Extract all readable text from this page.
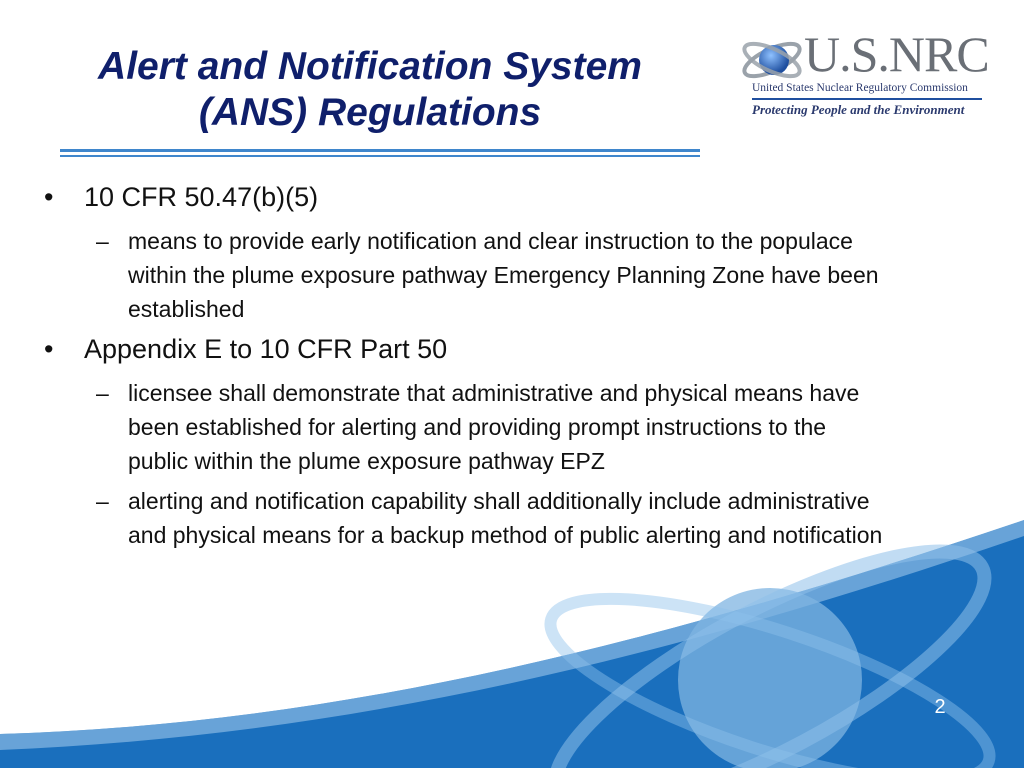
Alert and Notification System (ANS) Regulations
U.S.NRC
United States Nuclear Regulatory Commission
Protecting People and the Environment
• 10 CFR 50.47(b)(5)
– means to provide early notification and clear instruction to the populace within the plume exposure pathway Emergency Planning Zone have been established
• Appendix E to 10 CFR Part 50
– licensee shall demonstrate that administrative and physical means have been established for alerting and providing prompt instructions to the public within the plume exposure pathway EPZ
– alerting and notification capability shall additionally include administrative and physical means for a backup method of public alerting and notification
2
